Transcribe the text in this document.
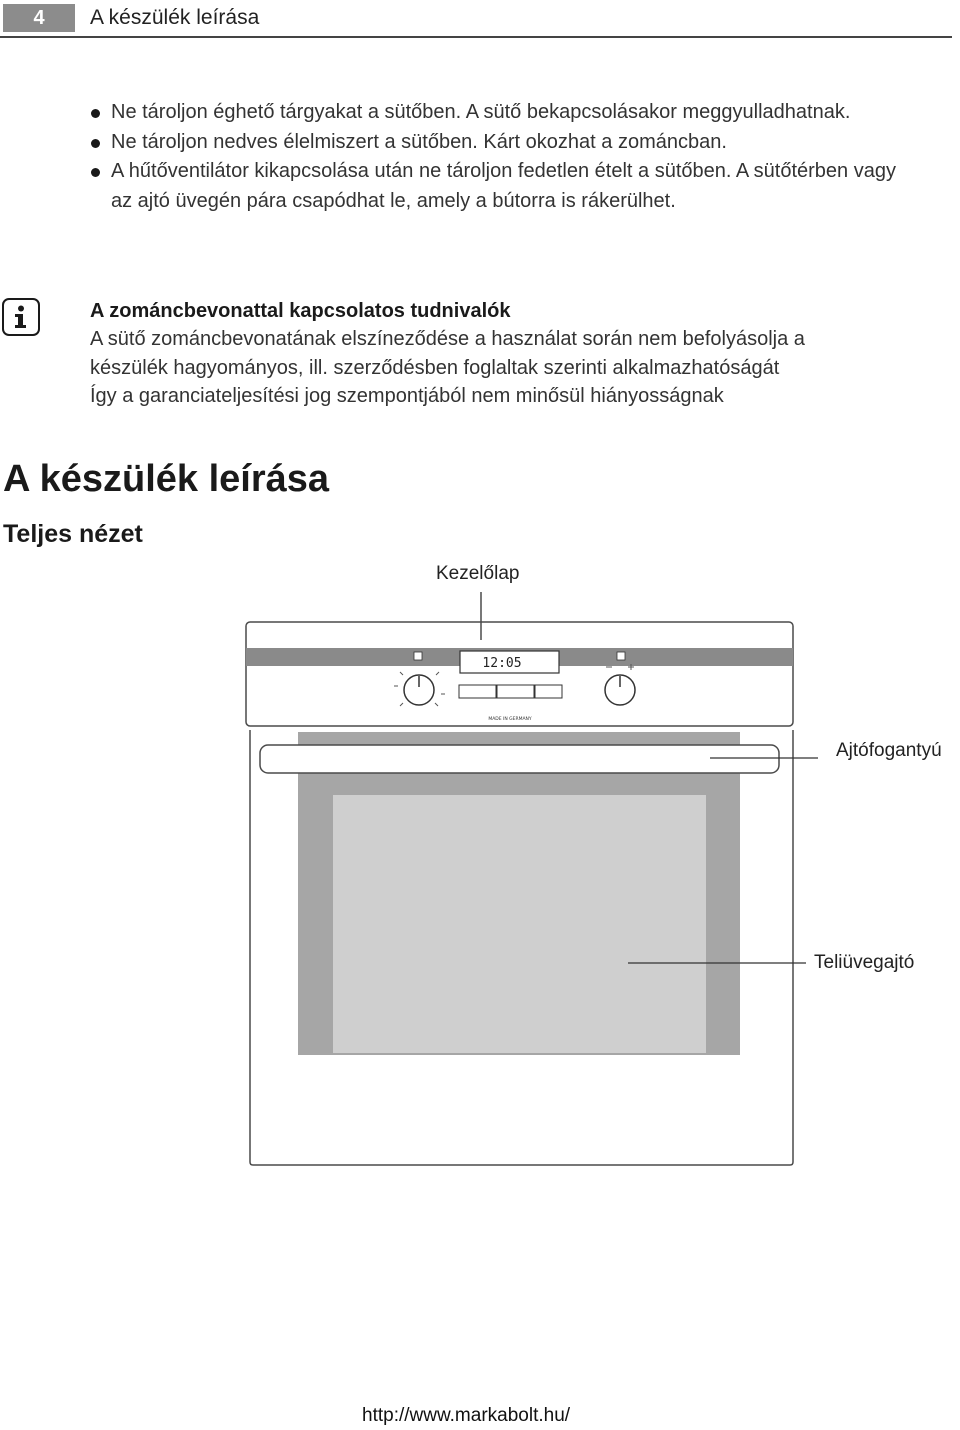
4	A készülék leírása
Ne tároljon éghető tárgyakat a sütőben. A sütő bekapcsolásakor meggyulladhatnak.
Ne tároljon nedves élelmiszert a sütőben. Kárt okozhat a zománcban.
A hűtőventilátor kikapcsolása után ne tároljon fedetlen ételt a sütőben. A sütőtérben vagy az ajtó üvegén pára csapódhat le, amely a bútorra is rákerülhet.
A zománcbevonattal kapcsolatos tudnivalók
A sütő zománcbevonatának elszíneződése a használat során nem befolyásolja a
készülék hagyományos, ill. szerződésben foglaltak szerinti alkalmazhatóságát
Így a garanciateljesítési jog szempontjából nem minősül hiányosságnak
A készülék leírása
Teljes nézet
Kezelőlap
Ajtófogantyú
Teliüvegajtó
12:05
MADE IN GERMANY
http://www.markabolt.hu/
